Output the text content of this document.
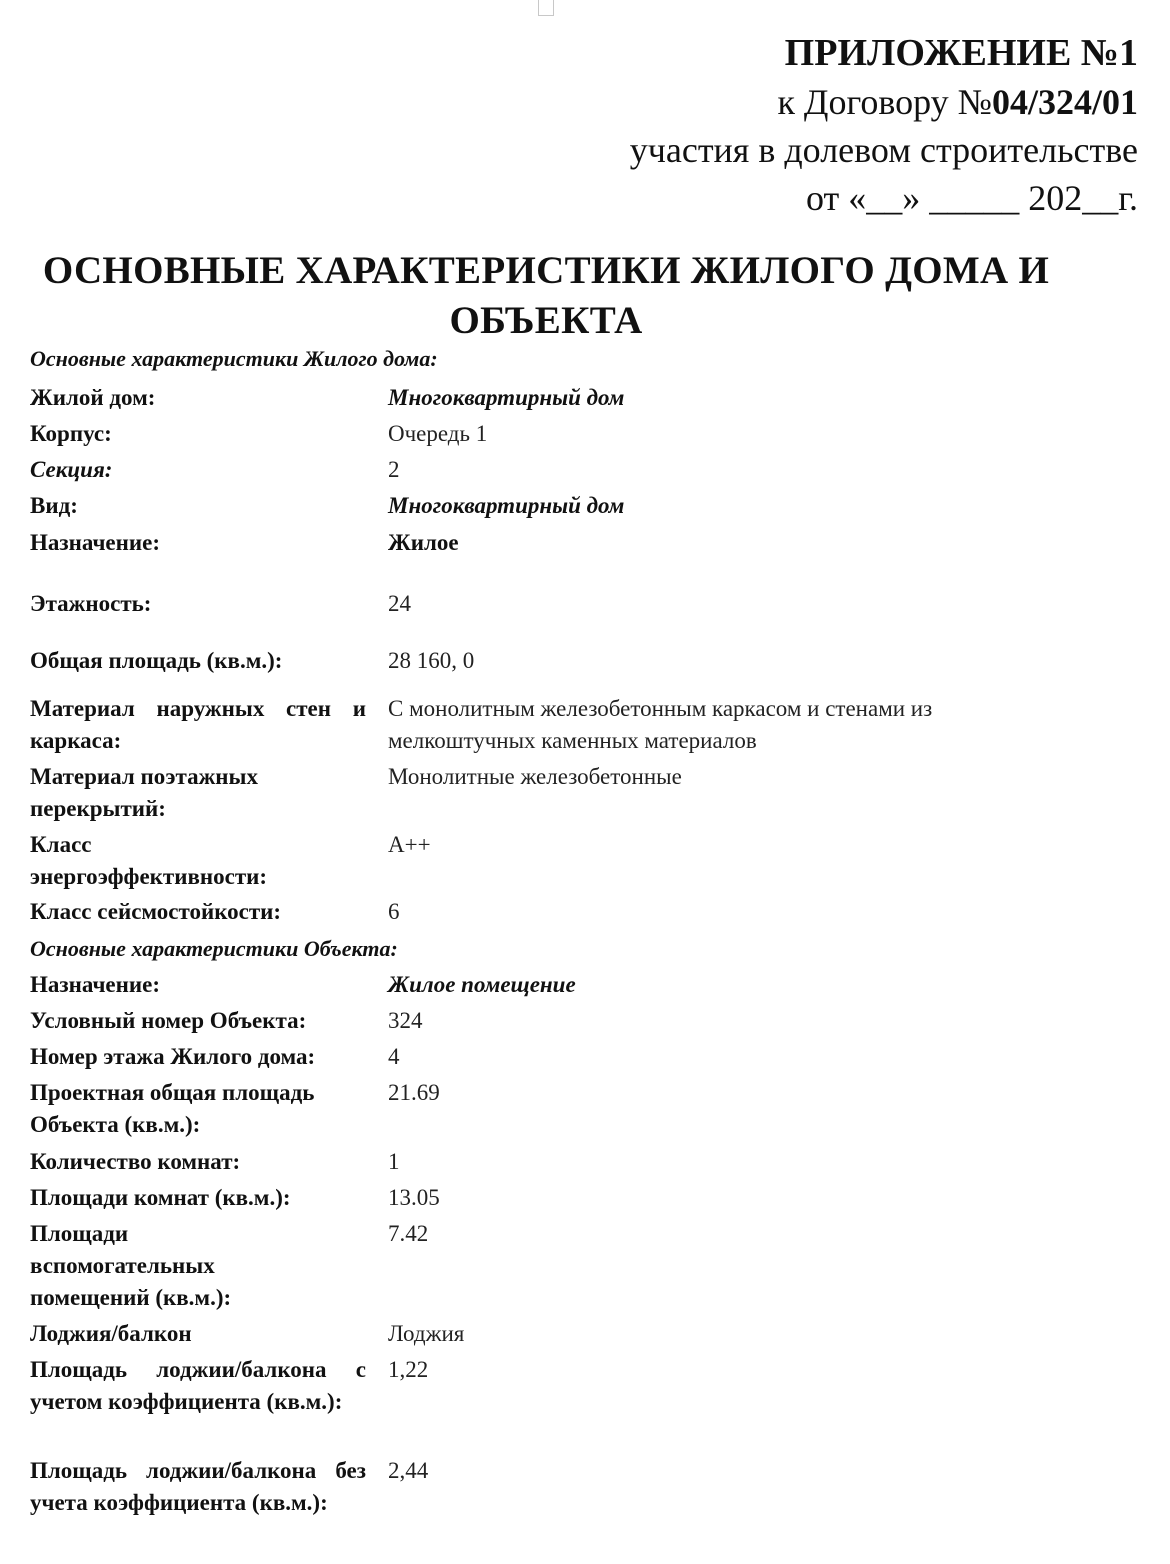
ПРИЛОЖЕНИЕ №1
к Договору №04/324/01
участия в долевом строительстве
от «__» _____ 202__г.
ОСНОВНЫЕ ХАРАКТЕРИСТИКИ ЖИЛОГО ДОМА И
ОБЪЕКТА
Основные характеристики Жилого дома:
Жилой дом:	Многоквартирный дом
Корпус:	Очередь 1
Секция:	2
Вид:	Многоквартирный дом
Назначение:	Жилое
Этажность:	24
Общая площадь (кв.м.):	28 160, 0
Материал наружных стен и каркаса:
С монолитным железобетонным каркасом и стенами из мелкоштучных каменных материалов
Материал поэтажных перекрытий:
Монолитные железобетонные
Класс энергоэффективности:
А++
Класс сейсмостойкости:	6
Основные характеристики Объекта:
Назначение:	Жилое помещение
Условный номер Объекта:	324
Номер этажа Жилого дома:	4
Проектная общая площадь Объекта (кв.м.):
21.69
Количество комнат:	1
Площади комнат (кв.м.):	13.05
Площади вспомогательных помещений (кв.м.):
7.42
Лоджия/балкон	Лоджия
Площадь лоджии/балкона с учетом коэффициента (кв.м.):
1,22
Площадь лоджии/балкона без учета коэффициента (кв.м.):
2,44
